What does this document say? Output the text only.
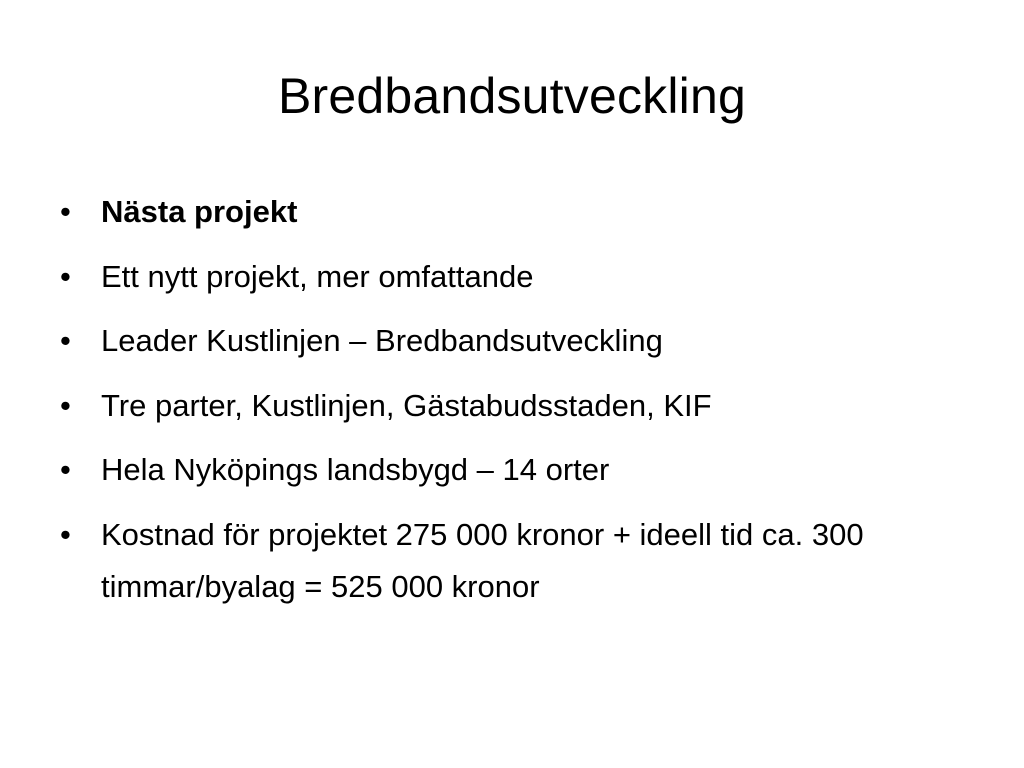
Bredbandsutveckling
• Nästa projekt
• Ett nytt projekt, mer omfattande
• Leader Kustlinjen – Bredbandsutveckling
• Tre parter, Kustlinjen, Gästabudsstaden, KIF
• Hela Nyköpings landsbygd – 14 orter
• Kostnad för projektet 275 000 kronor + ideell tid ca. 300 timmar/byalag = 525 000 kronor
